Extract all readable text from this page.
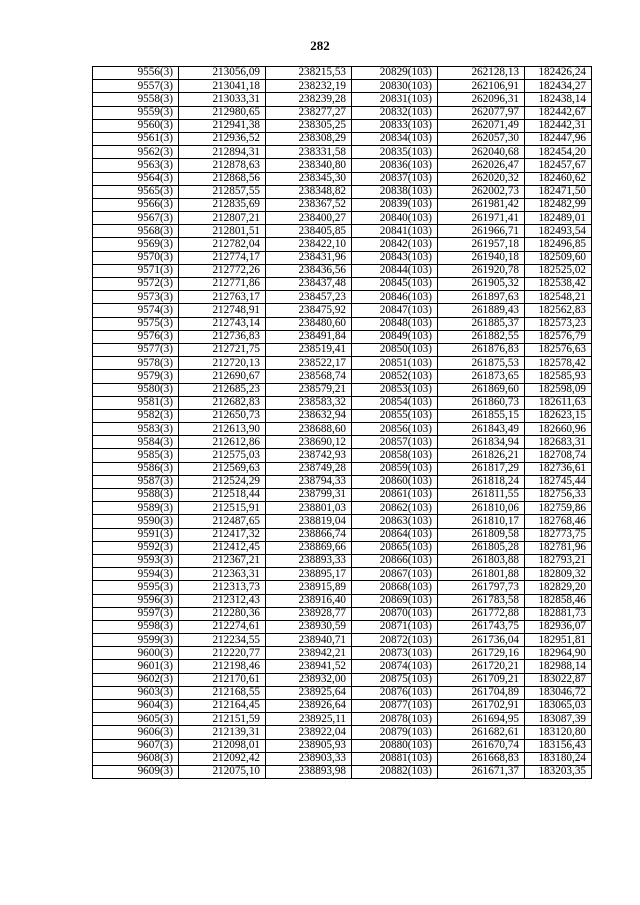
282
9556(3)	213056,09	238215,53	20829(103)	262128,13	182426,24
9557(3)	213041,18	238232,19	20830(103)	262106,91	182434,27
9558(3)	213033,31	238239,28	20831(103)	262096,31	182438,14
9559(3)	212980,65	238277,27	20832(103)	262077,97	182442,67
9560(3)	212941,38	238305,25	20833(103)	262071,49	182442,31
9561(3)	212936,52	238308,29	20834(103)	262057,30	182447,96
9562(3)	212894,31	238331,58	20835(103)	262040,68	182454,20
9563(3)	212878,63	238340,80	20836(103)	262026,47	182457,67
9564(3)	212868,56	238345,30	20837(103)	262020,32	182460,62
9565(3)	212857,55	238348,82	20838(103)	262002,73	182471,50
9566(3)	212835,69	238367,52	20839(103)	261981,42	182482,99
9567(3)	212807,21	238400,27	20840(103)	261971,41	182489,01
9568(3)	212801,51	238405,85	20841(103)	261966,71	182493,54
9569(3)	212782,04	238422,10	20842(103)	261957,18	182496,85
9570(3)	212774,17	238431,96	20843(103)	261940,18	182509,60
9571(3)	212772,26	238436,56	20844(103)	261920,78	182525,02
9572(3)	212771,86	238437,48	20845(103)	261905,32	182538,42
9573(3)	212763,17	238457,23	20846(103)	261897,63	182548,21
9574(3)	212748,91	238475,92	20847(103)	261889,43	182562,83
9575(3)	212743,14	238480,60	20848(103)	261885,37	182573,23
9576(3)	212736,83	238491,84	20849(103)	261882,55	182576,79
9577(3)	212721,75	238519,41	20850(103)	261876,83	182576,63
9578(3)	212720,13	238522,17	20851(103)	261875,53	182578,42
9579(3)	212690,67	238568,74	20852(103)	261873,65	182585,93
9580(3)	212685,23	238579,21	20853(103)	261869,60	182598,09
9581(3)	212682,83	238583,32	20854(103)	261860,73	182611,63
9582(3)	212650,73	238632,94	20855(103)	261855,15	182623,15
9583(3)	212613,90	238688,60	20856(103)	261843,49	182660,96
9584(3)	212612,86	238690,12	20857(103)	261834,94	182683,31
9585(3)	212575,03	238742,93	20858(103)	261826,21	182708,74
9586(3)	212569,63	238749,28	20859(103)	261817,29	182736,61
9587(3)	212524,29	238794,33	20860(103)	261818,24	182745,44
9588(3)	212518,44	238799,31	20861(103)	261811,55	182756,33
9589(3)	212515,91	238801,03	20862(103)	261810,06	182759,86
9590(3)	212487,65	238819,04	20863(103)	261810,17	182768,46
9591(3)	212417,32	238866,74	20864(103)	261809,58	182773,75
9592(3)	212412,45	238869,66	20865(103)	261805,28	182781,96
9593(3)	212367,21	238893,33	20866(103)	261803,88	182793,21
9594(3)	212363,31	238895,17	20867(103)	261801,88	182809,32
9595(3)	212313,73	238915,89	20868(103)	261797,73	182829,20
9596(3)	212312,43	238916,40	20869(103)	261783,58	182858,46
9597(3)	212280,36	238928,77	20870(103)	261772,88	182881,73
9598(3)	212274,61	238930,59	20871(103)	261743,75	182936,07
9599(3)	212234,55	238940,71	20872(103)	261736,04	182951,81
9600(3)	212220,77	238942,21	20873(103)	261729,16	182964,90
9601(3)	212198,46	238941,52	20874(103)	261720,21	182988,14
9602(3)	212170,61	238932,00	20875(103)	261709,21	183022,87
9603(3)	212168,55	238925,64	20876(103)	261704,89	183046,72
9604(3)	212164,45	238926,64	20877(103)	261702,91	183065,03
9605(3)	212151,59	238925,11	20878(103)	261694,95	183087,39
9606(3)	212139,31	238922,04	20879(103)	261682,61	183120,80
9607(3)	212098,01	238905,93	20880(103)	261670,74	183156,43
9608(3)	212092,42	238903,33	20881(103)	261668,83	183180,24
9609(3)	212075,10	238893,98	20882(103)	261671,37	183203,35
